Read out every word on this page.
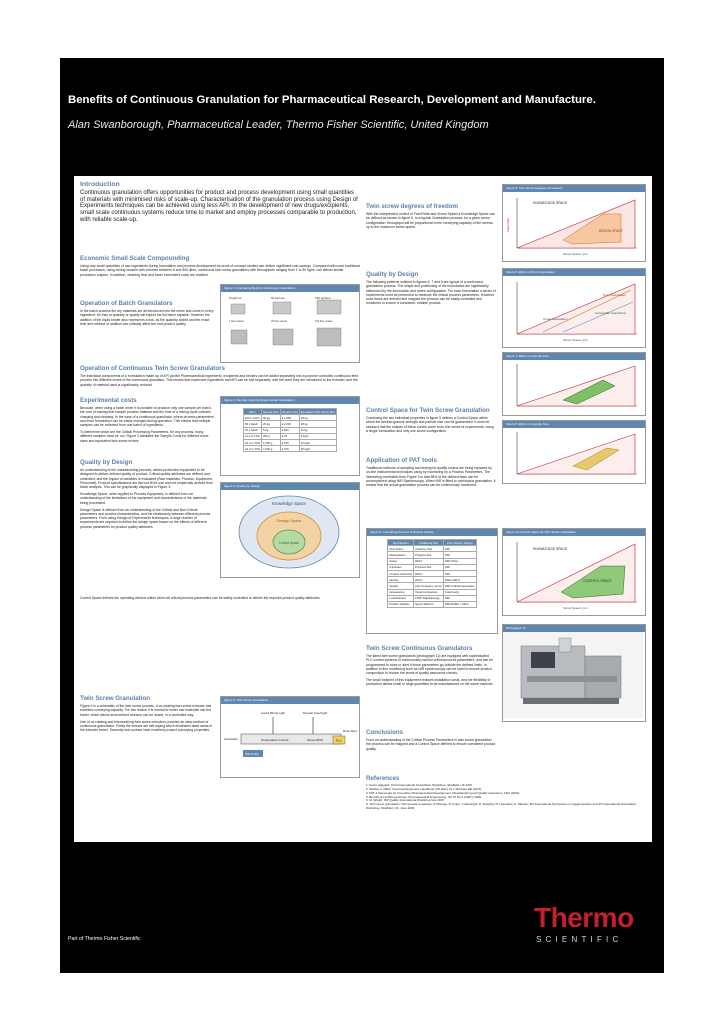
Benefits of Continuous Granulation for Pharmaceutical Research, Development and Manufacture.
Alan Swanborough, Pharmaceutical Leader, Thermo Fisher Scientific, United Kingdom

Introduction

Continuous granulation offers opportunities for product and process development using small quantities of materials with minimised risks of scale-up. Characterisation of the granulation process using Design of Experiments techniques can be achieved using less API. In the development of new drugs/excipients, small scale continuous systems reduce time to market and employ processes comparable to production, with reliable scale-up.

Economic Small Scale Compounding

Using only small quantities of raw ingredients during formulation and process development for proof-of-concept studies can deliver significant cost savings. Compared with more traditional batch processes, using mixing vessels with volumes between 8 and 600 litres, continuous twin screw granulators with throughputs ranging from 1 to 50 kg/hr, can deliver similar production outputs. In addition, cleaning time and lower investment costs are realised.

Operation of Batch Granulators

In the batch process the dry materials are all introduced into the mixer and come in every ingredient, for they to quantity or quality will exploit the full batch capable. However the addition of the liquid binder also represents a risk, as the quantity added and the exact time and method of addition can critically affect the end product quality.

Figure 1: Comparing Batch & Continuous Granulators
8 kg/hour	50 kg/hour	150 kg/hour
1 litre vessel	20 litre vessel	100 litre vessel

Operation of Continuous Twin Screw Granulators

The individual components of a formulation made up of API (Active Pharmaceutical Ingredient), excipients and binders can be added separately into a purpose controlled continuous feed process into different zones of the continuous granulator. This means that expensive ingredients and API can be fold separately until the point they are introduced to the extruder, and the quantity of material used is significantly reduced.

Experimental costs

Because, when using a batch mixer it is possible to produce only one sample per batch, the cost of making that sample process material and the time of a mixing cycle includes charging and cleaning. In the case of a continuous granulator, where process parameters and even formulation can be easily changed during operation. This means that multiple samples can be collected from one batch of ingredients.

To determine which are the Critical Processing Parameters, for any process, many different samples must be run. Figure 2 tabulates the Sample Costs for different mixer sizes and equivalent twin screw mixers.

Figure 2: Sample Costs for Experimental Granulation
Mixer	Sample Size	Sample Cost	Equivalent Twin Screw Size
100 L batch	50 kg	£ 1,500	18 kg
50 L batch	20 kg	£ 2,000	18 kg
10 L batch	5 kg	£ 500	11 kg
11 mm TSG	250 g	£ 25	2 kg/h
16 mm TSG	1,500 g	£ 150	10 kg/h
24 mm TSG	7,000 g	£ 700	25 kg/h

Quality by Design

An understanding of the manufacturing process, allows production equipment to be designed to deliver defined quality of product. Critical quality attributes are defined and controlled, and the impact of variables is evaluated (Raw materials, Process, Equipment, Personnel). Product specifications are laid out fit for use and not empirically derived from batch analysis. This can be graphically displayed in Figure 3.

Knowledge Space, when applied to Process Equipment, is defined from our understanding of the limitations of the equipment and characteristics of the materials being processed.

Design Space is defined from an understanding of the Critical and Non-Critical parameters and process characteristics, and the relationship between different process parameters. From using Design of Experiments techniques, a large number of experiments are required to define the design space based on the effects of different process parameters on product quality attributes.

Figure 3: Quality by Design
Knowledge Space
Design Space
Control Space

Control Space defines the operating window within which all critical process parameters can be safely controlled to deliver the required product quality attributes.

Twin Screw Granulation

Figure 4 is a schematic of the twin screw process. A co-rotating twin screw extruder has excellent conveying capacity. For this reason it is normal to meter raw materials into the barrel, which allows several feed streams can be dosed, in a controlled way.

Use of co-rotating and intermeshing twin-screw extruders provides an ideal method of continuous granulation. Firstly the screws are self-wiping which eliminates dead areas in the extruder barrel. Secondly twin screws have excellent product conveying properties.

Figure 4: Twin Screw Granulation
Liquid Binder kg/h	Powder Feed kg/h
Granulator	Temperature Control	Screw RPM
Drive Motor
NIR Probe
PLC

Twin screw degrees of freedom

With the independent control of Feed Rate and Screw Speed a Knowledge Space can be defined as shown in figure 5. In a typical Granulation process, for a given screw configuration, throughput will be proportional to the conveying capacity of the screws, up to the maximum screw speed.

Quality by Design

The following patterns outlined in figures 6, 7 and 8 are typical of a continuous granulation process. The shape and positioning of the boundaries are significantly influenced by the formulation and screw configuration. For each formulation a series of experiments must be performed to measure the critical process parameters. However once these are defined and mapped the process can be easily controlled and monitored to ensure a consistent, reliable product.

Control Space for Twin Screw Granulation

Combining the two individual properties in figure 9 defines a Control Space within which the desired granule strength and particle size can be guaranteed. It must be stressed that the shapes of these curves come from one series of experiments, using a single formulation and only one screw configuration.

Application of PAT tools

Traditional methods of sampling and testing for quality control are being replaced by on-line instrumental techniques using by monitoring by a Process Parameters. The interesting correlation from Figure 9 is that 98% of the defined tests can be accomplished using NIR Spectroscopy. When NIR is fitted to continuous granulation, it means that the actual granulation process can be continuously monitored.

Figure 9: Comparing Process & Product Testing
Specification	Traditional Test	21st Century Testing
Description	Visual by Test	NIR
Distinguisher	Physical Test	NIR
Assay	HPLC	NIR/ Other
Impurities	Physical Test	NIR
Content uniformity	HPLC	NIR
Identity	HPLC	Other HPLC
Quality	Lab/ Company norms	NIR/ Critical parameters
Appearance	Visual comparison	Colorimetry
Loss/Solution	FTIR/ Rapid Energy	NIR
Particle analysis	Sieve/ Malvern	NIR/ RAMC / Other

Twin Screw Continuous Granulators

The latest twin screw granulators (photograph 11) are equipped with sophisticated PLC control systems to continuously monitor critical process parameters, and can be programmed to store or alert if those parameters go outside the defined limits. In addition In-line monitoring such as NIR spectroscopy can be used to ensure product composition to reduce the levels of quality assurance checks.

The small footprint of this equipment reduces installation costs, and the flexibility of production allows small or large quantities to be manufactured on the same machine.

Conclusions

From an understanding of the Critical Process Parameters in twin screw granulation the process can be mapped and a Control Space defined to ensure consistent product quality.

Figure 5: Twin Screw Degrees of Freedom
KNOWLEDGE SPACE
DESIGN SPACE
Feed Rate
Screw Speed, rpm
Figure 6: Effect of Fill on Granulation
Over Granulation
Under Granulation
Acceptable Granulation
Screw Speed, rpm
Figure 7: Effect on Granule Size
Figure 8: Effect on Granule Size
Figure 10: Control Space for Twin Screw Granulation
KNOWLEDGE SPACE
CONTROL SPACE
Screw Speed, rpm
Photograph 11

References

1. Kevin Haggard, Third International Granulation Workshop, Sheffield, UK 2007

2. Shelley A. Miller, Chemical Engineers' Handbook (7th Ed) p 11-7 McGraw-Hill (1974)

3. PAT a framework for Innovative Pharmaceutical Development, Manufacturing and Quality Assurance, FDA (2004),

4. Brendis & Lindbring-Holman, Pharmaceutical Engineering. Vol 27 No 4 (2007), ISPE

5. M. Wright, ISP Quality International Workshop Nov 2007

6. Twin screw granulation: Wet granule properties. R Dhenge, R. Fyles, J Cartwright, D. Doughty, M. Hounslow, A. Salman, 9th International Symposium on Agglomeration and 4th International Granulation Workshop, Sheffield, UK, June 2009

Part of Thermo Fisher Scientific
Thermo
SCIENTIFIC
